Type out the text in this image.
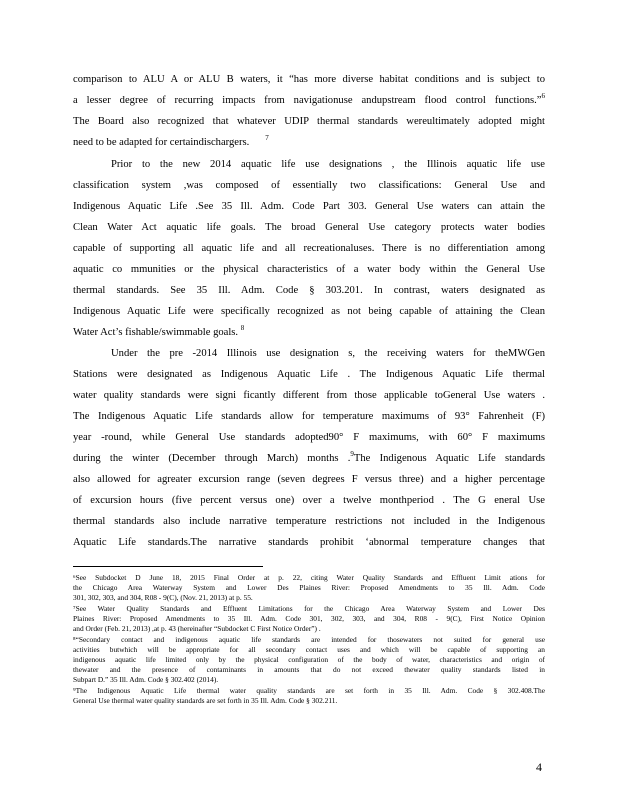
comparison to ALU A or ALU B waters, it “has more diverse habitat conditions and is subject to
a lesser degree of recurring impacts from navigationuse andupstream flood control functions.”$^6$
The Board also recognized that whatever UDIP thermal standards wereultimately adopted might
need to be adapted for certaindischargers. $^7$
Prior to the new 2014 aquatic life use designations , the Illinois aquatic life use
classification system ,was composed of essentially two classifications: General Use and
Indigenous Aquatic Life .See 35 Ill. Adm. Code Part 303. General Use waters can attain the
Clean Water Act aquatic life goals. The broad General Use category protects water bodies
capable of supporting all aquatic life and all recreationaluses. There is no differentiation among
aquatic co mmunities or the physical characteristics of a water body within the General Use
thermal standards. See 35 Ill. Adm. Code § 303.201. In contrast, waters designated as
Indigenous Aquatic Life were specifically recognized as not being capable of attaining the Clean
Water Act’s fishable/swimmable goals. $^8$
Under the pre -2014 Illinois use designation s, the receiving waters for theMWGen
Stations were designated as Indigenous Aquatic Life . The Indigenous Aquatic Life thermal
water quality standards were signi ficantly different from those applicable toGeneral Use waters .
The Indigenous Aquatic Life standards allow for temperature maximums of 93° Fahrenheit (F)
year -round, while General Use standards adopted90° F maximums, with 60° F maximums
during the winter (December through March) months .$^9$The Indigenous Aquatic Life standards
also allowed for agreater excursion range (seven degrees F versus three) and a higher percentage
of excursion hours (five percent versus one) over a twelve monthperiod . The G eneral Use
thermal standards also include narrative temperature restrictions not included in the Indigenous
Aquatic Life standards.The narrative standards prohibit ‘abnormal temperature changes that
⁶See Subdocket D June 18, 2015 Final Order at p. 22, citing Water Quality Standards and Effluent Limit ations for
the Chicago Area Waterway System and Lower Des Plaines River: Proposed Amendments to 35 Ill. Adm. Code
301, 302, 303, and 304, R08 - 9(C), (Nov. 21, 2013) at p. 55.
⁷See Water Quality Standards and Effluent Limitations for the Chicago Area Waterway System and Lower Des
Plaines River: Proposed Amendments to 35 Ill. Adm. Code 301, 302, 303, and 304, R08 - 9(C), First Notice Opinion
and Order (Feb. 21, 2013) ,at p. 43 (hereinafter “Subdocket C First Notice Order”) .
⁸“Secondary contact and indigenous aquatic life standards are intended for thosewaters not suited for general use
activities butwhich will be appropriate for all secondary contact uses and which will be capable of supporting an
indigenous aquatic life limited only by the physical configuration of the body of water, characteristics and origin of
thewater and the presence of contaminants in amounts that do not exceed thewater quality standards listed in
Subpart D.” 35 Ill. Adm. Code § 302.402 (2014).
⁹The Indigenous Aquatic Life thermal water quality standards are set forth in 35 Ill. Adm. Code § 302.408.The
General Use thermal water quality standards are set forth in 35 Ill. Adm. Code § 302.211.
4
